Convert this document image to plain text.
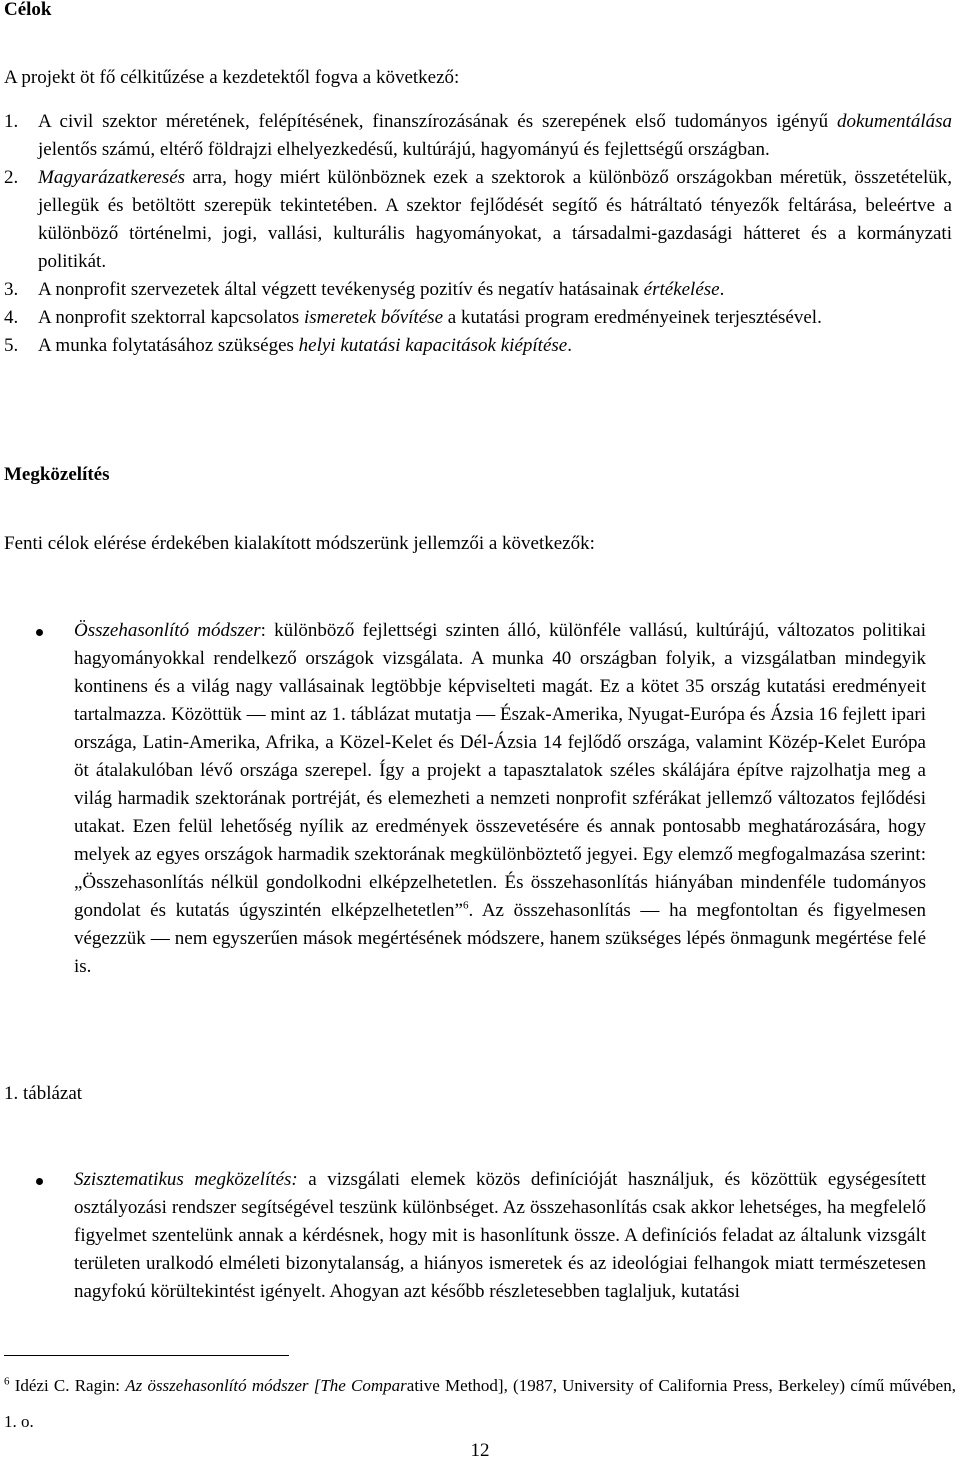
Célok

A projekt öt fő célkitűzése a kezdetektől fogva a következő:

1. A civil szektor méretének, felépítésének, finanszírozásának és szerepének első tudományos igényű dokumentálása jelentős számú, eltérő földrajzi elhelyezkedésű, kultúrájú, hagyományú és fejlettségű országban.
2. Magyarázatkeresés arra, hogy miért különböznek ezek a szektorok a különböző országokban méretük, összetételük, jellegük és betöltött szerepük tekintetében. A szektor fejlődését segítő és hátráltató tényezők feltárása, beleértve a különböző történelmi, jogi, vallási, kulturális hagyományokat, a társadalmi-gazdasági hátteret és a kormányzati politikát.
3. A nonprofit szervezetek által végzett tevékenység pozitív és negatív hatásainak értékelése.
4. A nonprofit szektorral kapcsolatos ismeretek bővítése a kutatási program eredményeinek terjesztésével.
5. A munka folytatásához szükséges helyi kutatási kapacitások kiépítése.
Megközelítés

Fenti célok elérése érdekében kialakított módszerünk jellemzői a következők:

Összehasonlító módszer: különböző fejlettségi szinten álló, különféle vallású, kultúrájú, változatos politikai hagyományokkal rendelkező országok vizsgálata. A munka 40 országban folyik, a vizsgálatban mindegyik kontinens és a világ nagy vallásainak legtöbbje képviselteti magát. Ez a kötet 35 ország kutatási eredményeit tartalmazza. Közöttük ― mint az 1. táblázat mutatja ― Észak-Amerika, Nyugat-Európa és Ázsia 16 fejlett ipari országa, Latin-Amerika, Afrika, a Közel-Kelet és Dél-Ázsia 14 fejlődő országa, valamint Közép-Kelet Európa öt átalakulóban lévő országa szerepel. Így a projekt a tapasztalatok széles skálájára építve rajzolhatja meg a világ harmadik szektorának portréját, és elemezheti a nemzeti nonprofit szférákat jellemző változatos fejlődési utakat. Ezen felül lehetőség nyílik az eredmények összevetésére és annak pontosabb meghatározására, hogy melyek az egyes országok harmadik szektorának megkülönböztető jegyei. Egy elemző megfogalmazása szerint: „Összehasonlítás nélkül gondolkodni elképzelhetetlen. És összehasonlítás hiányában mindenféle tudományos gondolat és kutatás úgyszintén elképzelhetetlen”$^6$. Az összehasonlítás ― ha megfontoltan és figyelmesen végezzük ― nem egyszerűen mások megértésének módszere, hanem szükséges lépés önmagunk megértése felé is.

1. táblázat

Szisztematikus megközelítés: a vizsgálati elemek közös definícióját használjuk, és közöttük egységesített osztályozási rendszer segítségével teszünk különbséget. Az összehasonlítás csak akkor lehetséges, ha megfelelő figyelmet szentelünk annak a kérdésnek, hogy mit is hasonlítunk össze. A definíciós feladat az általunk vizsgált területen uralkodó elméleti bizonytalanság, a hiányos ismeretek és az ideológiai felhangok miatt természetesen nagyfokú körültekintést igényelt. Ahogyan azt később részletesebben taglaljuk, kutatási

$^6$ Idézi C. Ragin: Az összehasonlító módszer [The Comparative Method], (1987, University of California Press, Berkeley) című művében, 1. o.

12
